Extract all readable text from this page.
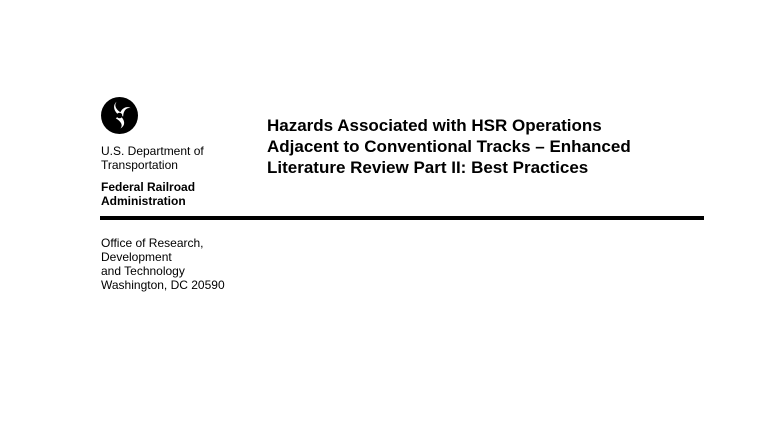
U.S. Department of
Transportation
Federal Railroad
Administration
Office of Research,
Development
and Technology
Washington, DC 20590
Hazards Associated with HSR Operations
Adjacent to Conventional Tracks – Enhanced
Literature Review Part II: Best Practices
